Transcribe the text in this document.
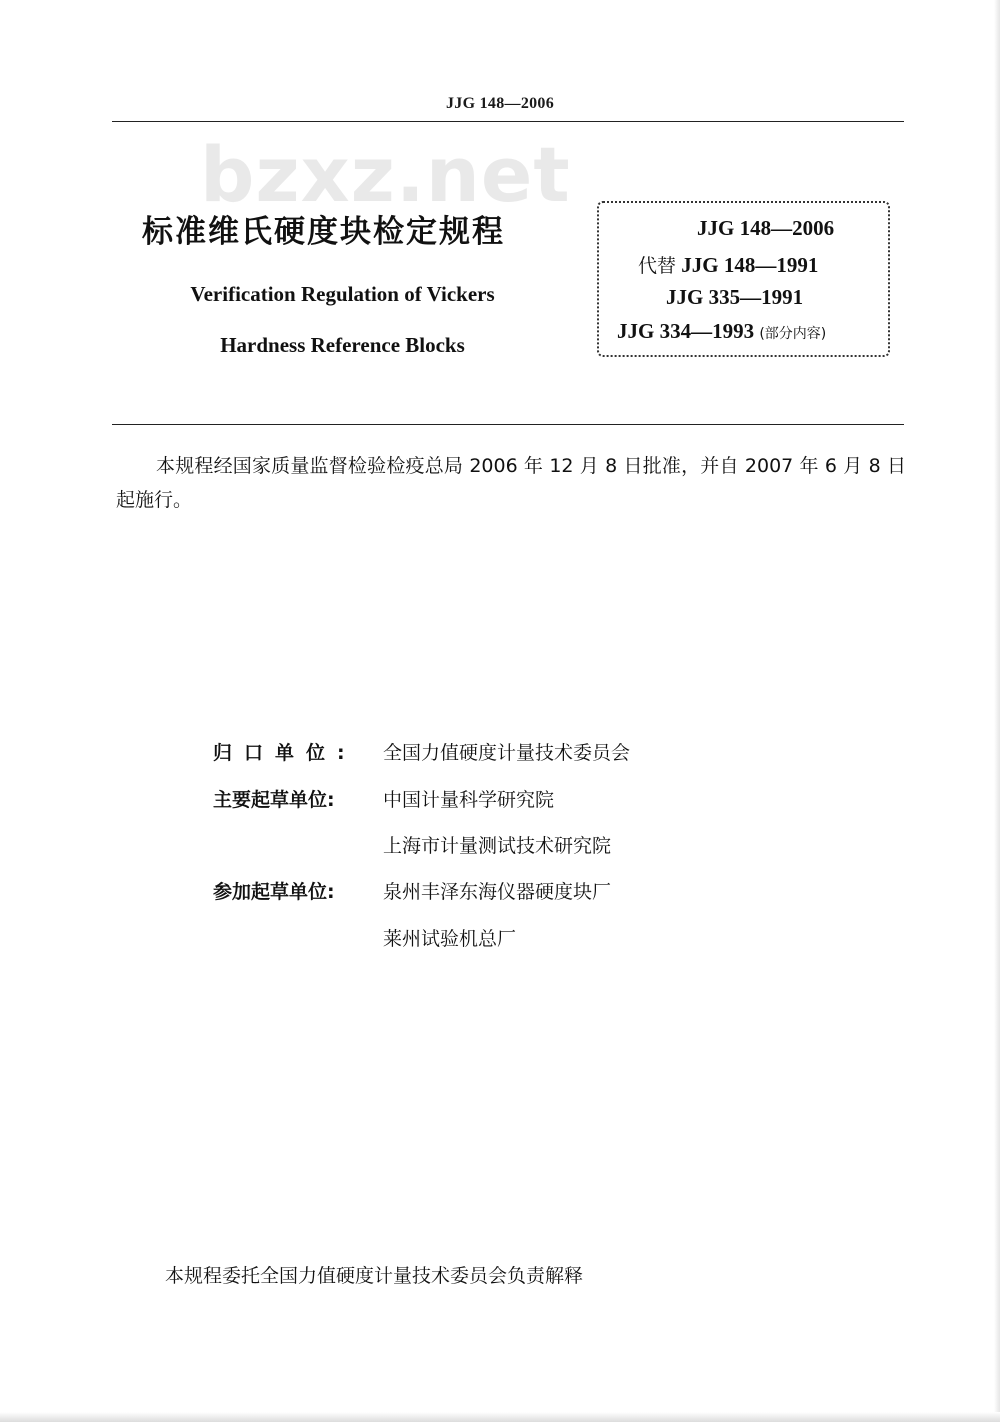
JJG 148—2006
bzxz.net
标准维氏硬度块检定规程
Verification Regulation of Vickers
Hardness Reference Blocks
JJG 148—2006
代替 JJG 148—1991
JJG 335—1991
JJG 334—1993 (部分内容)
本规程经国家质量监督检验检疫总局 2006 年 12 月 8 日批准，并自 2007 年 6 月 8 日起施行。
归口单位:	全国力值硬度计量技术委员会
主要起草单位:	中国计量科学研究院
上海市计量测试技术研究院
参加起草单位:	泉州丰泽东海仪器硬度块厂
莱州试验机总厂
本规程委托全国力值硬度计量技术委员会负责解释
